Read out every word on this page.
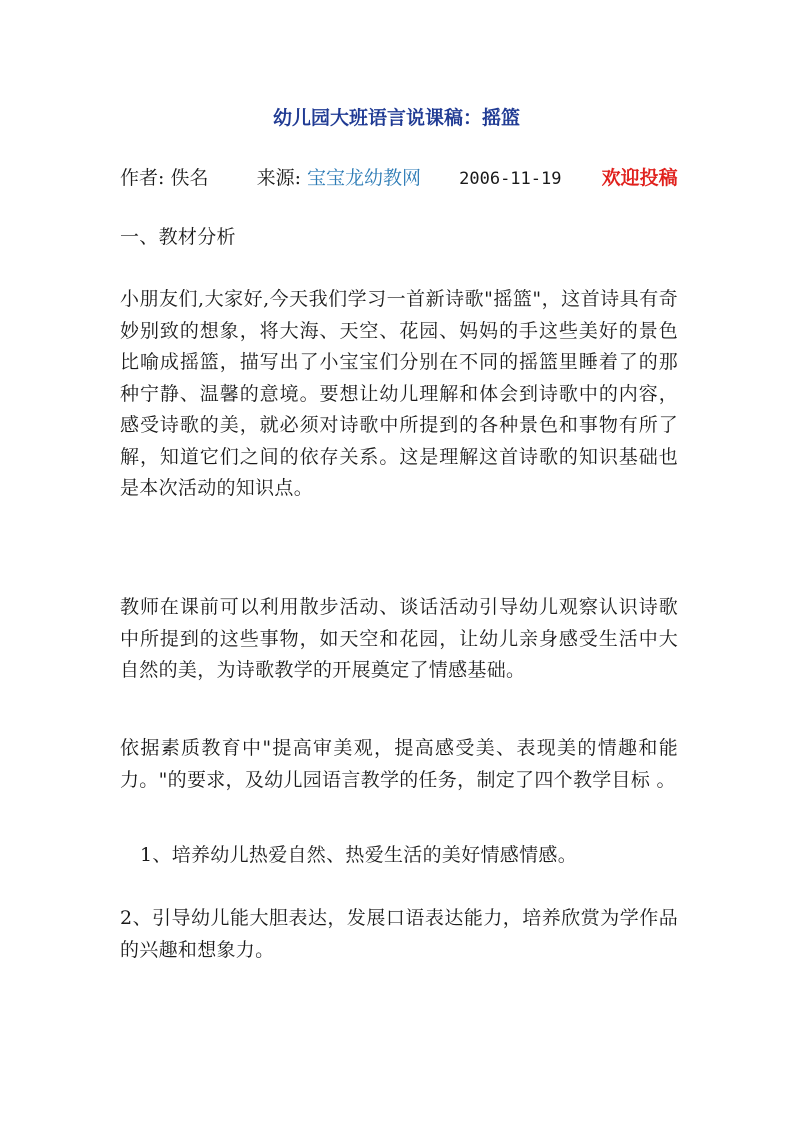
幼儿园大班语言说课稿：摇篮
作者: 佚名	来源: 宝宝龙幼教网 2006-11-19 欢迎投稿

一、教材分析

小朋友们,大家好,今天我们学习一首新诗歌"摇篮"，这首诗具有奇妙别致的想象，将大海、天空、花园、妈妈的手这些美好的景色比喻成摇篮，描写出了小宝宝们分别在不同的摇篮里睡着了的那种宁静、温馨的意境。要想让幼儿理解和体会到诗歌中的内容，感受诗歌的美，就必须对诗歌中所提到的各种景色和事物有所了解，知道它们之间的依存关系。这是理解这首诗歌的知识基础也是本次活动的知识点。

教师在课前可以利用散步活动、谈话活动引导幼儿观察认识诗歌中所提到的这些事物，如天空和花园，让幼儿亲身感受生活中大自然的美，为诗歌教学的开展奠定了情感基础。

依据素质教育中"提高审美观，提高感受美、表现美的情趣和能力。"的要求，及幼儿园语言教学的任务，制定了四个教学目标 。

1、培养幼儿热爱自然、热爱生活的美好情感情感。

2、引导幼儿能大胆表达，发展口语表达能力，培养欣赏为学作品的兴趣和想象力。
